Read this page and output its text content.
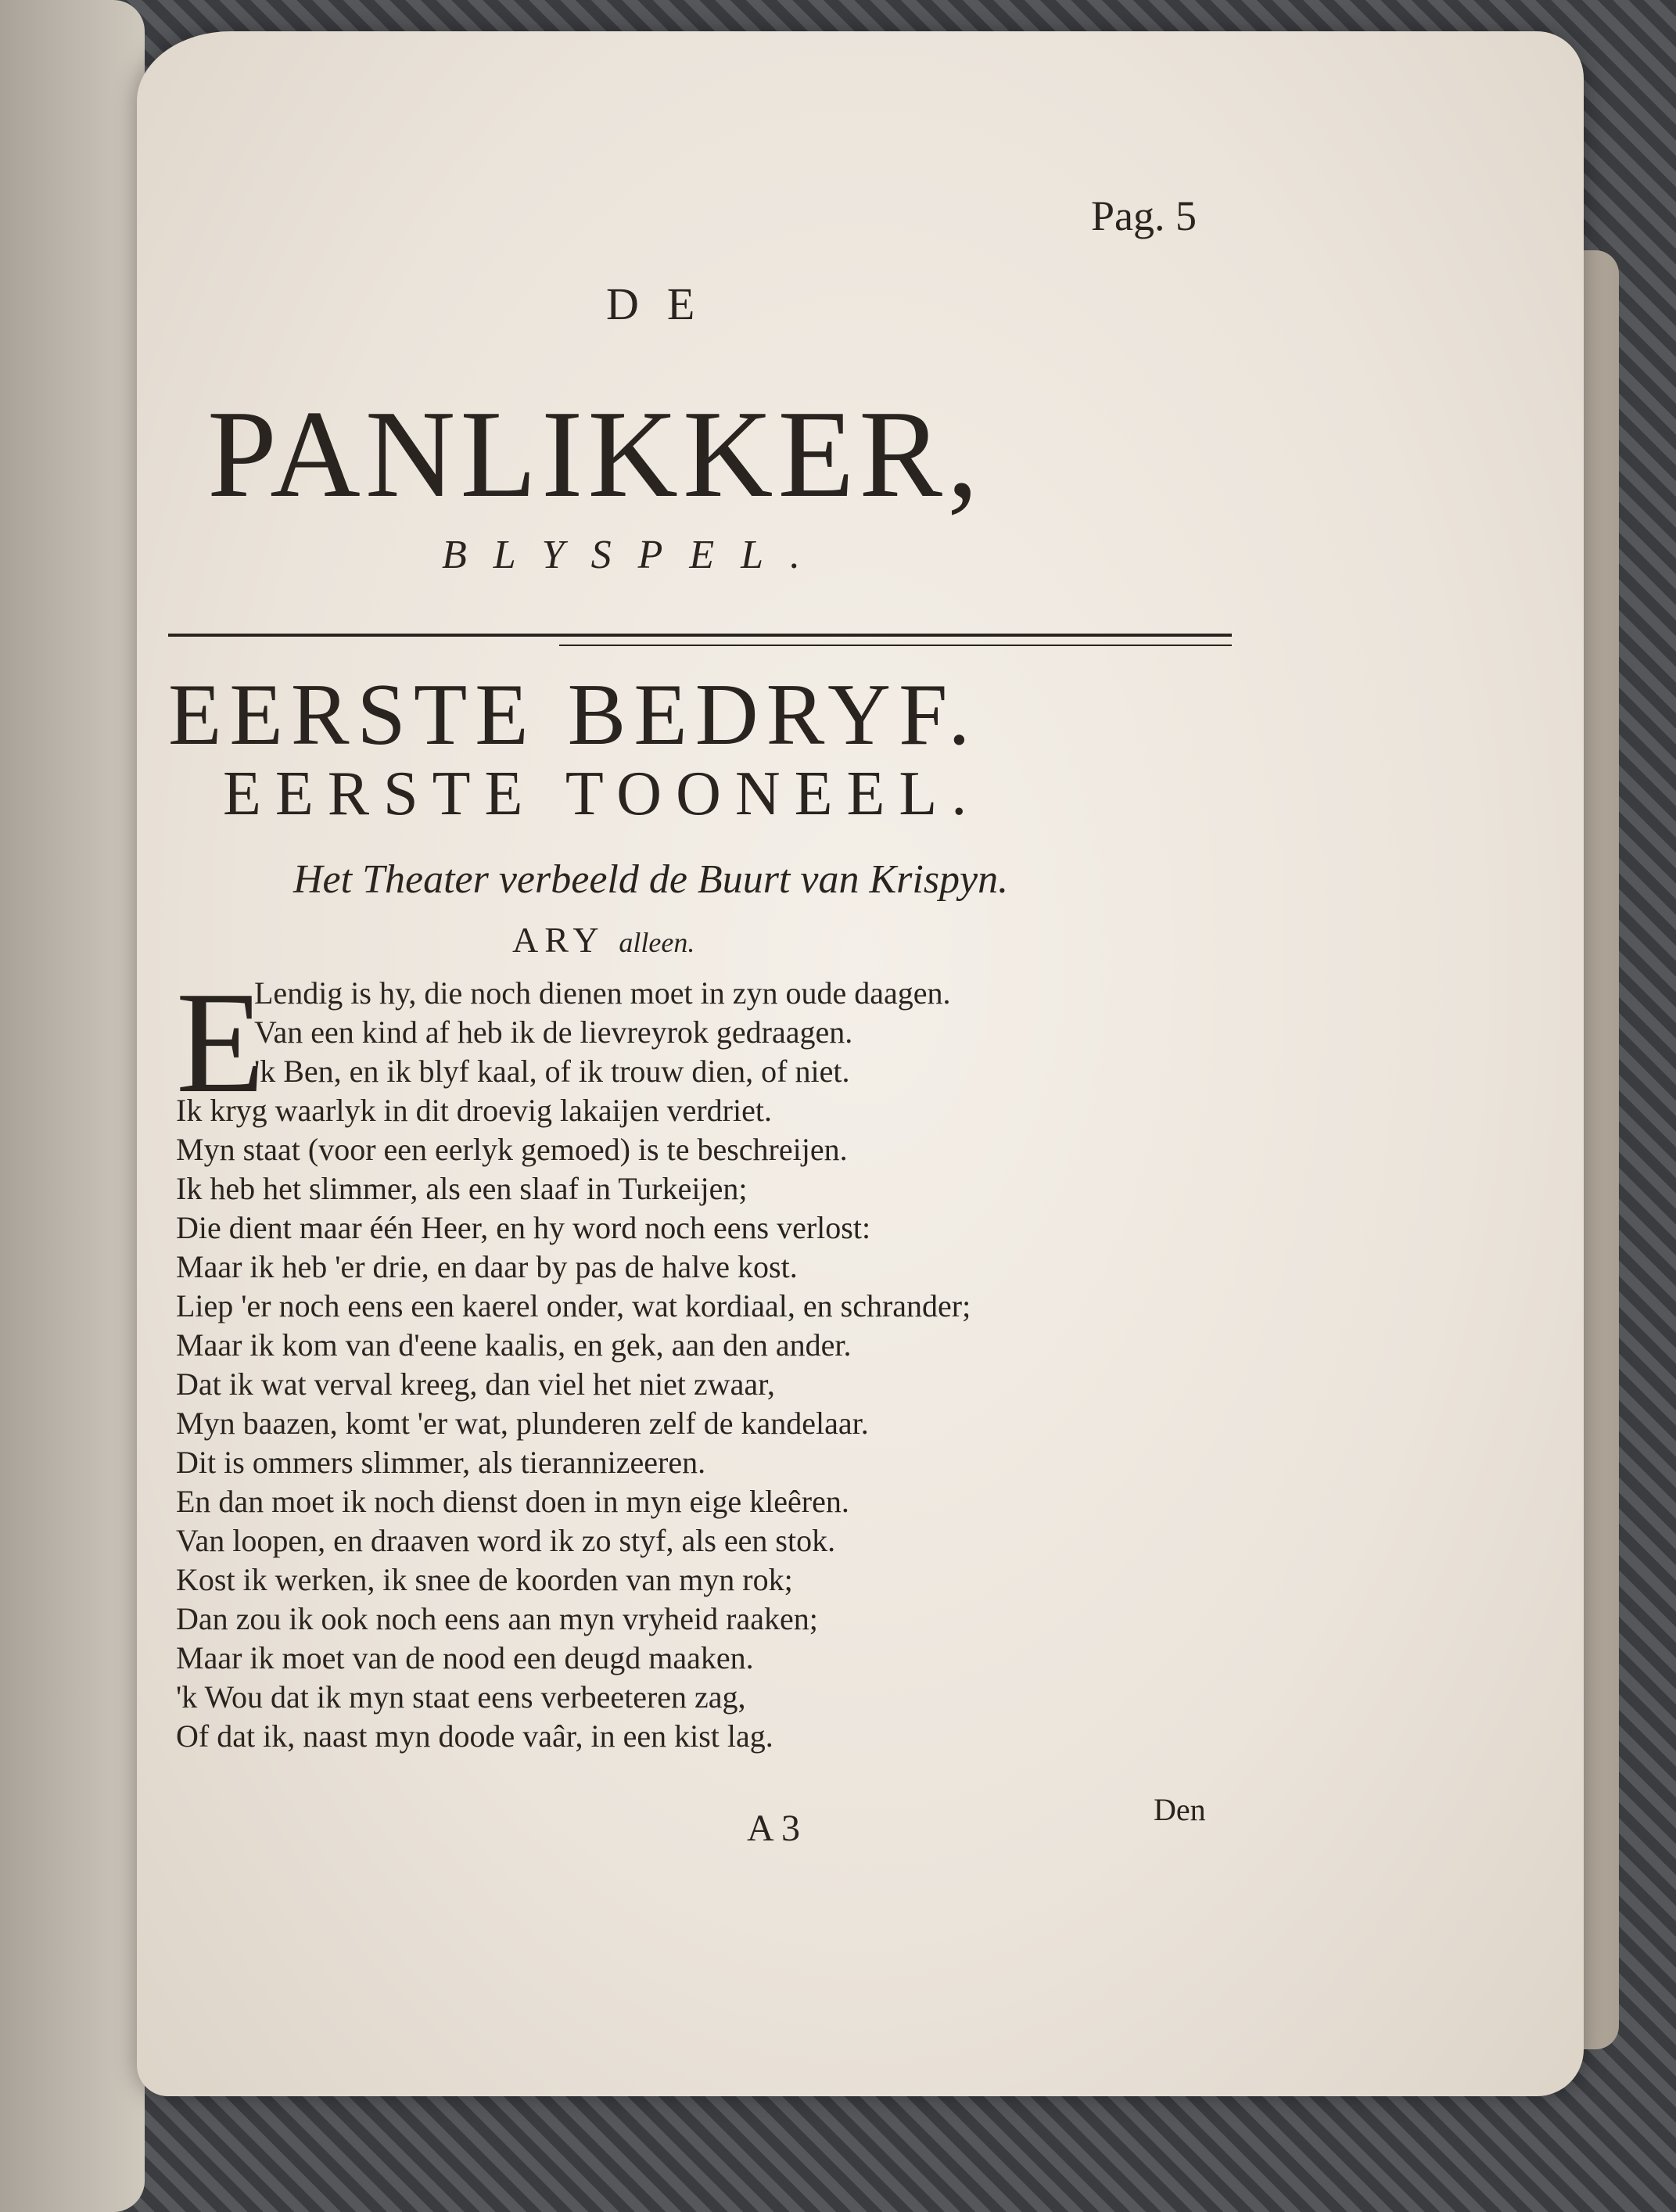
Pag. 5
DE
PANLIKKER,
BLYSPEL.
EERSTE BEDRYF.
EERSTE TOONEEL.
Het Theater verbeeld de Buurt van Krispyn.
ARY alleen.
E
Lendig is hy, die noch dienen moet in zyn oude daagen.
Van een kind af heb ik de lievreyrok gedraagen.
'k Ben, en ik blyf kaal, of ik trouw dien, of niet.
Ik kryg waarlyk in dit droevig lakaijen verdriet.
Myn staat (voor een eerlyk gemoed) is te beschreijen.
Ik heb het slimmer, als een slaaf in Turkeijen;
Die dient maar één Heer, en hy word noch eens verlost:
Maar ik heb 'er drie, en daar by pas de halve kost.
Liep 'er noch eens een kaerel onder, wat kordiaal, en schrander;
Maar ik kom van d'eene kaalis, en gek, aan den ander.
Dat ik wat verval kreeg, dan viel het niet zwaar,
Myn baazen, komt 'er wat, plunderen zelf de kandelaar.
Dit is ommers slimmer, als tierannizeeren.
En dan moet ik noch dienst doen in myn eige kleêren.
Van loopen, en draaven word ik zo styf, als een stok.
Kost ik werken, ik snee de koorden van myn rok;
Dan zou ik ook noch eens aan myn vryheid raaken;
Maar ik moet van de nood een deugd maaken.
'k Wou dat ik myn staat eens verbeeteren zag,
Of dat ik, naast myn doode vaâr, in een kist lag.
A 3	Den
